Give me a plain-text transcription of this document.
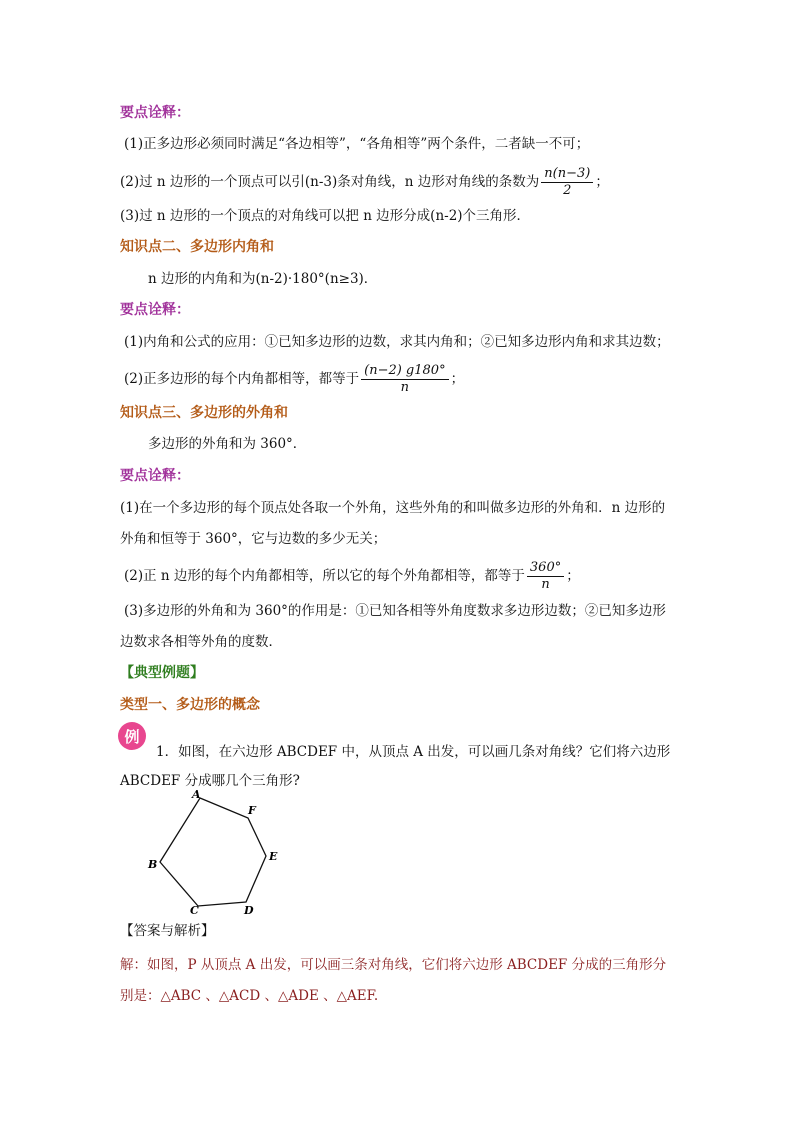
要点诠释：
(1)正多边形必须同时满足“各边相等”，“各角相等”两个条件，二者缺一不可；
(2)过 n 边形的一个顶点可以引(n-3)条对角线，n 边形对角线的条数为 $\frac{n(n-3)}{2}$ ；
(3)过 n 边形的一个顶点的对角线可以把 n 边形分成(n-2)个三角形．
知识点二、多边形内角和
n 边形的内角和为(n-2)·180°(n≥3)．
要点诠释：
(1)内角和公式的应用：①已知多边形的边数，求其内角和；②已知多边形内角和求其边数；
(2)正多边形的每个内角都相等，都等于 $\frac{(n-2) g180^\circ}{n}$ ；
知识点三、多边形的外角和
多边形的外角和为 360°．
要点诠释：
(1)在一个多边形的每个顶点处各取一个外角，这些外角的和叫做多边形的外角和．n 边形的
外角和恒等于 360°，它与边数的多少无关；
(2)正 n 边形的每个内角都相等，所以它的每个外角都相等，都等于 $\frac{360^\circ}{n}$ ；
(3)多边形的外角和为 360°的作用是：①已知各相等外角度数求多边形边数；②已知多边形
边数求各相等外角的度数．
【典型例题】
类型一、多边形的概念
例
1．如图，在六边形 ABCDEF 中，从顶点 A 出发，可以画几条对角线？它们将六边形
ABCDEF 分成哪几个三角形?
A
F
E
D
C
B
【答案与解析】
解：如图，P 从顶点 A 出发，可以画三条对角线，它们将六边形 ABCDEF 分成的三角形分
别是：△ABC 、△ACD 、△ADE 、△AEF.
